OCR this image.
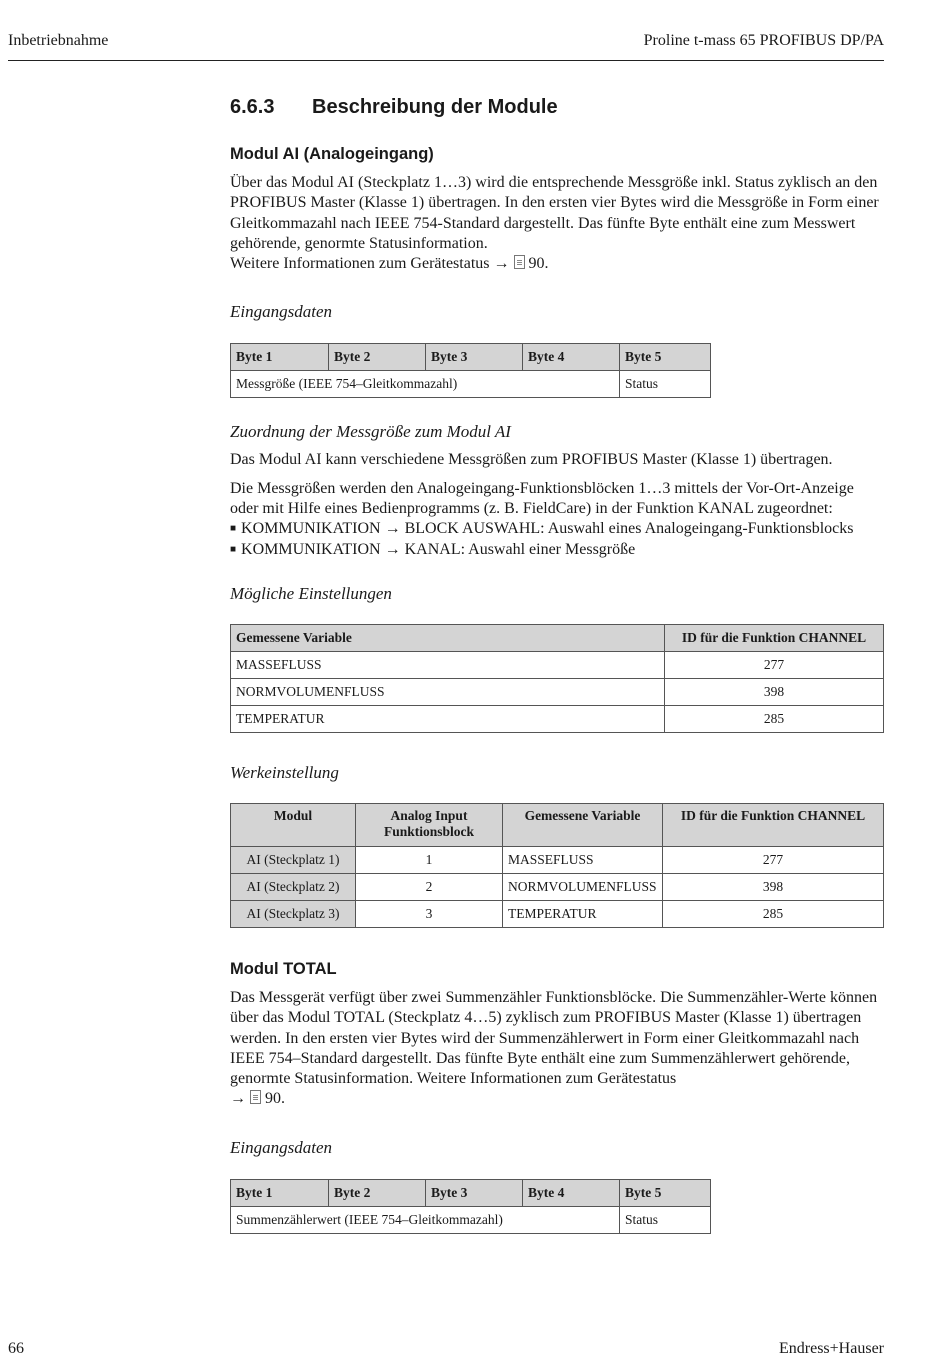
Inbetriebnahme	Proline t-mass 65 PROFIBUS DP/PA
6.6.3	Beschreibung der Module
Modul AI (Analogeingang)

Über das Modul AI (Steckplatz 1…3) wird die entsprechende Messgröße inkl. Status zyklisch an den PROFIBUS Master (Klasse 1) übertragen. In den ersten vier Bytes wird die Messgröße in Form einer Gleitkommazahl nach IEEE 754-Standard dargestellt. Das fünfte Byte enthält eine zum Messwert gehörende, genormte Statusinformation.
Weitere Informationen zum Gerätestatus → 90.

Eingangsdaten
Byte 1	Byte 2	Byte 3	Byte 4	Byte 5
Messgröße (IEEE 754–Gleitkommazahl)				Status
Zuordnung der Messgröße zum Modul AI

Das Modul AI kann verschiedene Messgrößen zum PROFIBUS Master (Klasse 1) übertragen.

Die Messgrößen werden den Analogeingang-Funktionsblöcken 1…3 mittels der Vor-Ort-Anzeige oder mit Hilfe eines Bedienprogramms (z. B. FieldCare) in der Funktion KANAL zugeordnet:

■ KOMMUNIKATION → BLOCK AUSWAHL: Auswahl eines Analogeingang-Funktionsblocks
■ KOMMUNIKATION → KANAL: Auswahl einer Messgröße
Mögliche Einstellungen
Gemessene Variable	ID für die Funktion CHANNEL
MASSEFLUSS	277
NORMVOLUMENFLUSS	398
TEMPERATUR	285
Werkeinstellung
Modul	Analog Input Funktionsblock	Gemessene Variable	ID für die Funktion CHANNEL
AI (Steckplatz 1)	1	MASSEFLUSS	277
AI (Steckplatz 2)	2	NORMVOLUMENFLUSS	398
AI (Steckplatz 3)	3	TEMPERATUR	285
Modul TOTAL

Das Messgerät verfügt über zwei Summenzähler Funktionsblöcke. Die Summenzähler-Werte können über das Modul TOTAL (Steckplatz 4…5) zyklisch zum PROFIBUS Master (Klasse 1) übertragen werden. In den ersten vier Bytes wird der Summenzählerwert in Form einer Gleitkommazahl nach IEEE 754–Standard dargestellt. Das fünfte Byte enthält eine zum Summenzählerwert gehörende, genormte Statusinformation. Weitere Informationen zum Gerätestatus
→ 90.

Eingangsdaten
Byte 1	Byte 2	Byte 3	Byte 4	Byte 5
Summenzählerwert (IEEE 754–Gleitkommazahl)				Status
66	Endress+Hauser
